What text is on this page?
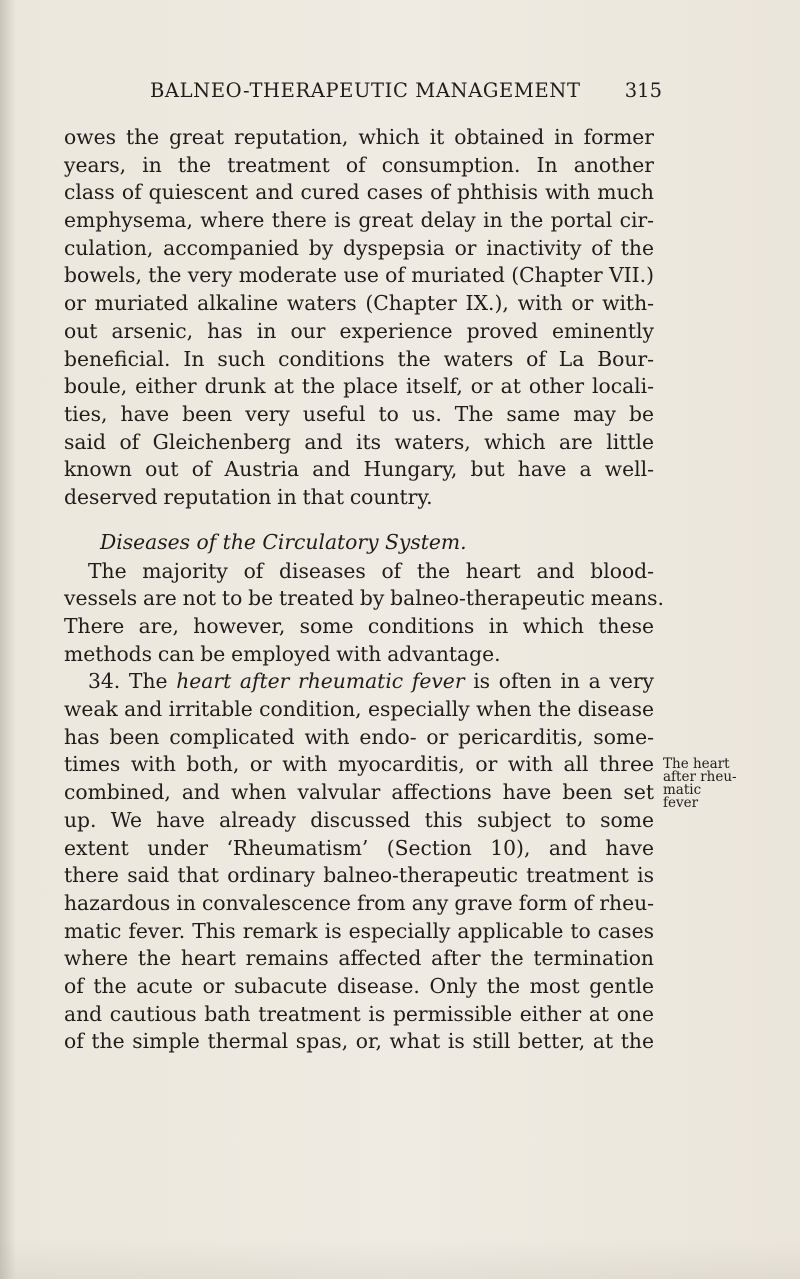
BALNEO-THERAPEUTIC MANAGEMENT 315
owes the great reputation, which it obtained in former
years, in the treatment of consumption. In another
class of quiescent and cured cases of phthisis with much
emphysema, where there is great delay in the portal cir-
culation, accompanied by dyspepsia or inactivity of the
bowels, the very moderate use of muriated (Chapter VII.)
or muriated alkaline waters (Chapter IX.), with or with-
out arsenic, has in our experience proved eminently
beneficial. In such conditions the waters of La Bour-
boule, either drunk at the place itself, or at other locali-
ties, have been very useful to us. The same may be
said of Gleichenberg and its waters, which are little
known out of Austria and Hungary, but have a well-
deserved reputation in that country.
Diseases of the Circulatory System.
The majority of diseases of the heart and blood-
vessels are not to be treated by balneo-therapeutic means.
There are, however, some conditions in which these
methods can be employed with advantage.
34. The heart after rheumatic fever is often in a very
weak and irritable condition, especially when the disease
has been complicated with endo- or pericarditis, some-
times with both, or with myocarditis, or with all three
combined, and when valvular affections have been set
up. We have already discussed this subject to some
extent under ‘Rheumatism’ (Section 10), and have
there said that ordinary balneo-therapeutic treatment is
hazardous in convalescence from any grave form of rheu-
matic fever. This remark is especially applicable to cases
where the heart remains affected after the termination
of the acute or subacute disease. Only the most gentle
and cautious bath treatment is permissible either at one
of the simple thermal spas, or, what is still better, at the
The heart
after rheu-
matic
fever
